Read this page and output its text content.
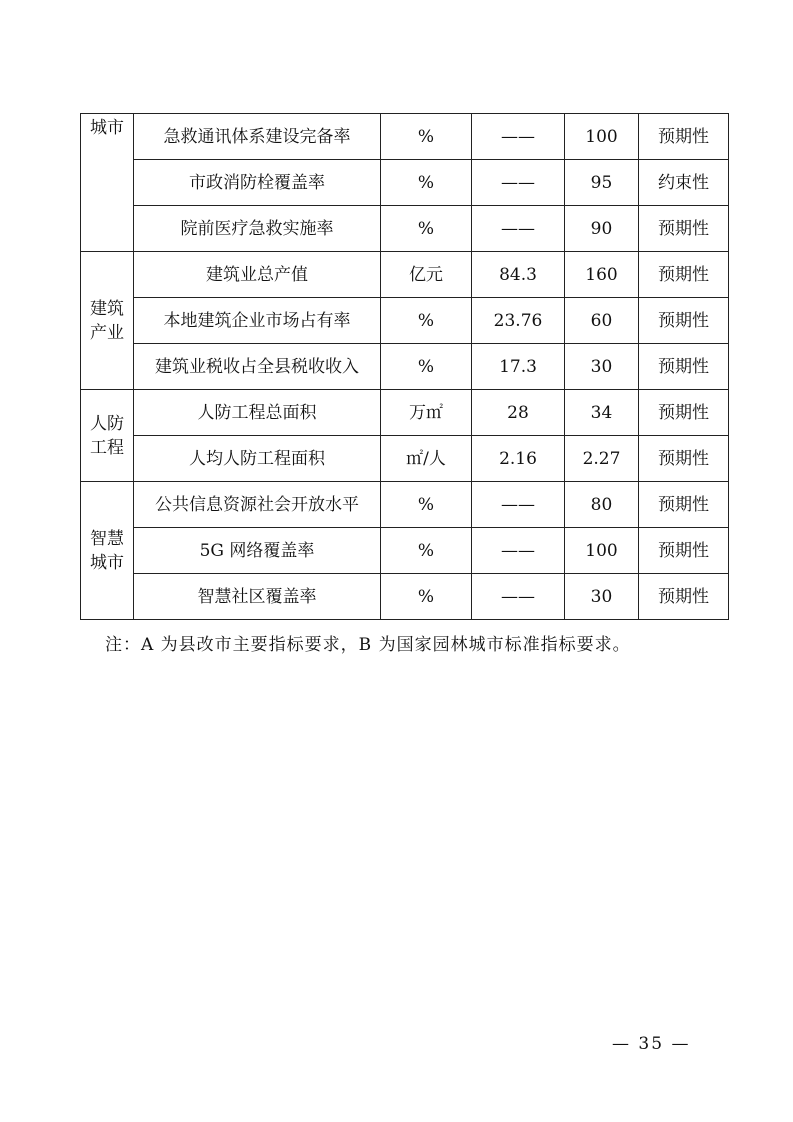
城市	急救通讯体系建设完备率	%	——	100	预期性
	市政消防栓覆盖率	%	——	95	约束性
	院前医疗急救实施率	%	——	90	预期性
建筑产业	建筑业总产值	亿元	84.3	160	预期性
	本地建筑企业市场占有率	%	23.76	60	预期性
	建筑业税收占全县税收收入	%	17.3	30	预期性
人防工程	人防工程总面积	万㎡	28	34	预期性
	人均人防工程面积	㎡/人	2.16	2.27	预期性
智慧城市	公共信息资源社会开放水平	%	——	80	预期性
	5G 网络覆盖率	%	——	100	预期性
	智慧社区覆盖率	%	——	30	预期性
注：A 为县改市主要指标要求，B 为国家园林城市标准指标要求。
— 35 —
